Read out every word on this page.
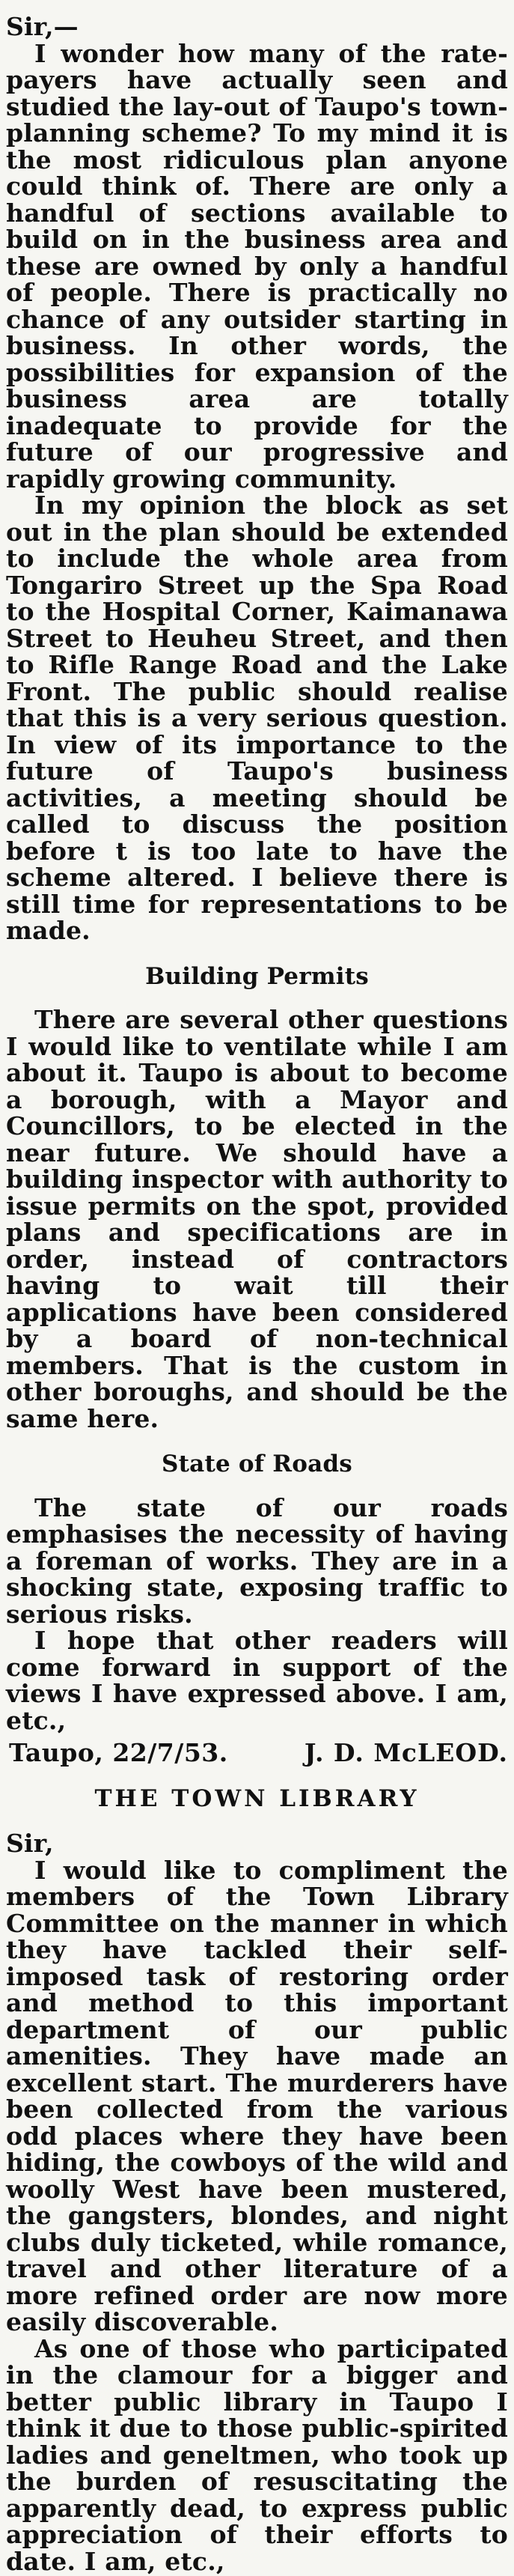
Sir,—

I wonder how many of the rate-payers have actually seen and studied the lay-out of Taupo's town-planning scheme? To my mind it is the most ridiculous plan anyone could think of. There are only a handful of sections available to build on in the business area and these are owned by only a handful of people. There is practically no chance of any outsider starting in business. In other words, the possibilities for expansion of the business area are totally inadequate to provide for the future of our progressive and rapidly growing community.

In my opinion the block as set out in the plan should be extended to include the whole area from Tongariro Street up the Spa Road to the Hospital Corner, Kaimanawa Street to Heuheu Street, and then to Rifle Range Road and the Lake Front. The public should realise that this is a very serious question. In view of its importance to the future of Taupo's business activities, a meeting should be called to discuss the position before t is too late to have the scheme altered. I believe there is still time for representations to be made.

Building Permits

There are several other questions I would like to ventilate while I am about it. Taupo is about to become a borough, with a Mayor and Councillors, to be elected in the near future. We should have a building inspector with authority to issue permits on the spot, provided plans and specifications are in order, instead of contractors having to wait till their applications have been considered by a board of non-technical members. That is the custom in other boroughs, and should be the same here.

State of Roads

The state of our roads emphasises the necessity of having a foreman of works. They are in a shocking state, exposing traffic to serious risks.

I hope that other readers will come forward in support of the views I have expressed above. I am, etc.,

Taupo, 22/7/53.	J. D. McLEOD.
THE TOWN LIBRARY

Sir,

I would like to compliment the members of the Town Library Committee on the manner in which they have tackled their self-imposed task of restoring order and method to this important department of our public amenities. They have made an excellent start. The murderers have been collected from the various odd places where they have been hiding, the cowboys of the wild and woolly West have been mustered, the gangsters, blondes, and night clubs duly ticketed, while romance, travel and other literature of a more refined order are now more easily discoverable.

As one of those who participated in the clamour for a bigger and better public library in Taupo I think it due to those public-spirited ladies and geneltmen, who took up the burden of resuscitating the apparently dead, to express public appreciation of their efforts to date. I am, etc.,
